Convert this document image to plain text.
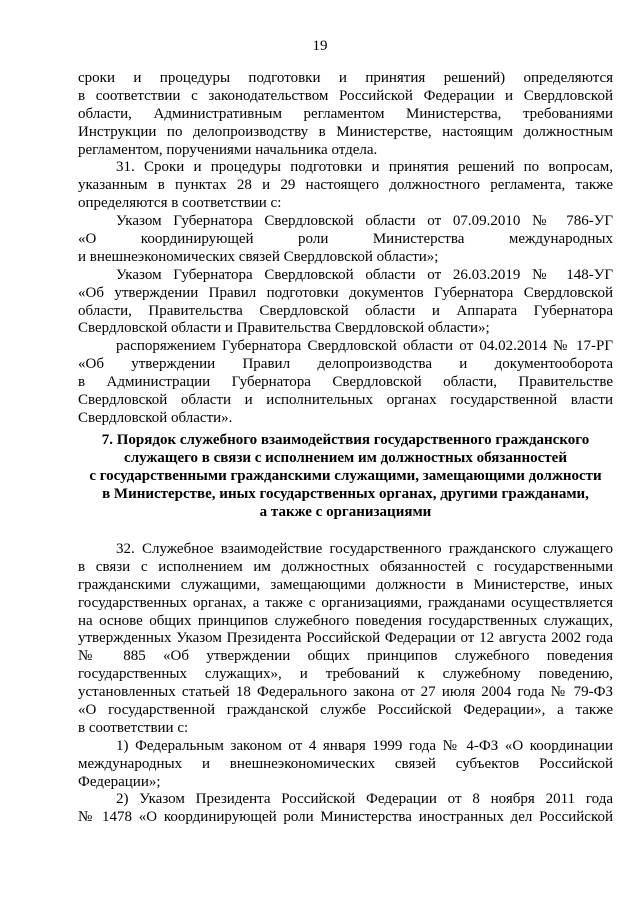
19
сроки и процедуры подготовки и принятия решений) определяются
в соответствии с законодательством Российской Федерации и Свердловской
области, Административным регламентом Министерства, требованиями
Инструкции по делопроизводству в Министерстве, настоящим должностным
регламентом, поручениями начальника отдела.
31. Сроки и процедуры подготовки и принятия решений по вопросам,
указанным в пунктах 28 и 29 настоящего должностного регламента, также
определяются в соответствии с:
Указом Губернатора Свердловской области от 07.09.2010 № 786-УГ
«О координирующей роли Министерства международных
и внешнеэкономических связей Свердловской области»;
Указом Губернатора Свердловской области от 26.03.2019 № 148-УГ
«Об утверждении Правил подготовки документов Губернатора Свердловской
области, Правительства Свердловской области и Аппарата Губернатора
Свердловской области и Правительства Свердловской области»;
распоряжением Губернатора Свердловской области от 04.02.2014 № 17-РГ
«Об утверждении Правил делопроизводства и документооборота
в Администрации Губернатора Свердловской области, Правительстве
Свердловской области и исполнительных органах государственной власти
Свердловской области».
7. Порядок служебного взаимодействия государственного гражданского
служащего в связи с исполнением им должностных обязанностей
с государственными гражданскими служащими, замещающими должности
в Министерстве, иных государственных органах, другими гражданами,
а также с организациями
32. Служебное взаимодействие государственного гражданского служащего
в связи с исполнением им должностных обязанностей с государственными
гражданскими служащими, замещающими должности в Министерстве, иных
государственных органах, а также с организациями, гражданами осуществляется
на основе общих принципов служебного поведения государственных служащих,
утвержденных Указом Президента Российской Федерации от 12 августа 2002 года
№ 885 «Об утверждении общих принципов служебного поведения
государственных служащих», и требований к служебному поведению,
установленных статьей 18 Федерального закона от 27 июля 2004 года № 79-ФЗ
«О государственной гражданской службе Российской Федерации», а также
в соответствии с:
1) Федеральным законом от 4 января 1999 года № 4-ФЗ «О координации
международных и внешнеэкономических связей субъектов Российской
Федерации»;
2) Указом Президента Российской Федерации от 8 ноября 2011 года
№ 1478 «О координирующей роли Министерства иностранных дел Российской
